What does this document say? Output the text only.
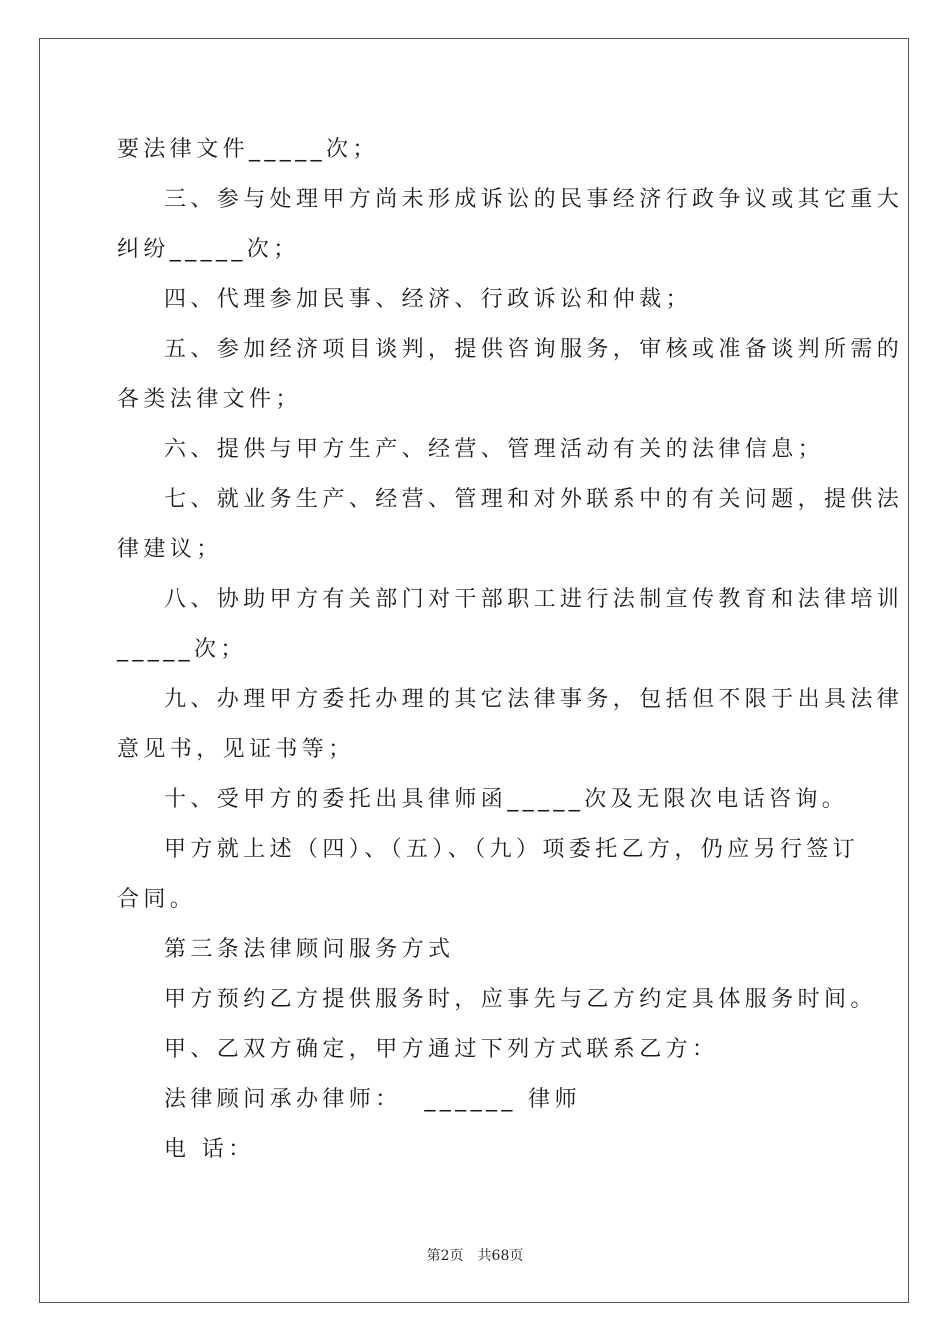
要法律文件_____次；
三、参与处理甲方尚未形成诉讼的民事经济行政争议或其它重大
纠纷_____次；
四、代理参加民事、经济、行政诉讼和仲裁；
五、参加经济项目谈判，提供咨询服务，审核或准备谈判所需的
各类法律文件；
六、提供与甲方生产、经营、管理活动有关的法律信息；
七、就业务生产、经营、管理和对外联系中的有关问题，提供法
律建议；
八、协助甲方有关部门对干部职工进行法制宣传教育和法律培训
_____次；
九、办理甲方委托办理的其它法律事务，包括但不限于出具法律
意见书，见证书等；
十、受甲方的委托出具律师函_____次及无限次电话咨询。
甲方就上述（四）、（五）、（九）项委托乙方，仍应另行签订
合同。
第三条法律顾问服务方式
甲方预约乙方提供服务时，应事先与乙方约定具体服务时间。
甲、乙双方确定，甲方通过下列方式联系乙方：
法律顾问承办律师：  ______ 律师
电 话：
第2页　共68页
